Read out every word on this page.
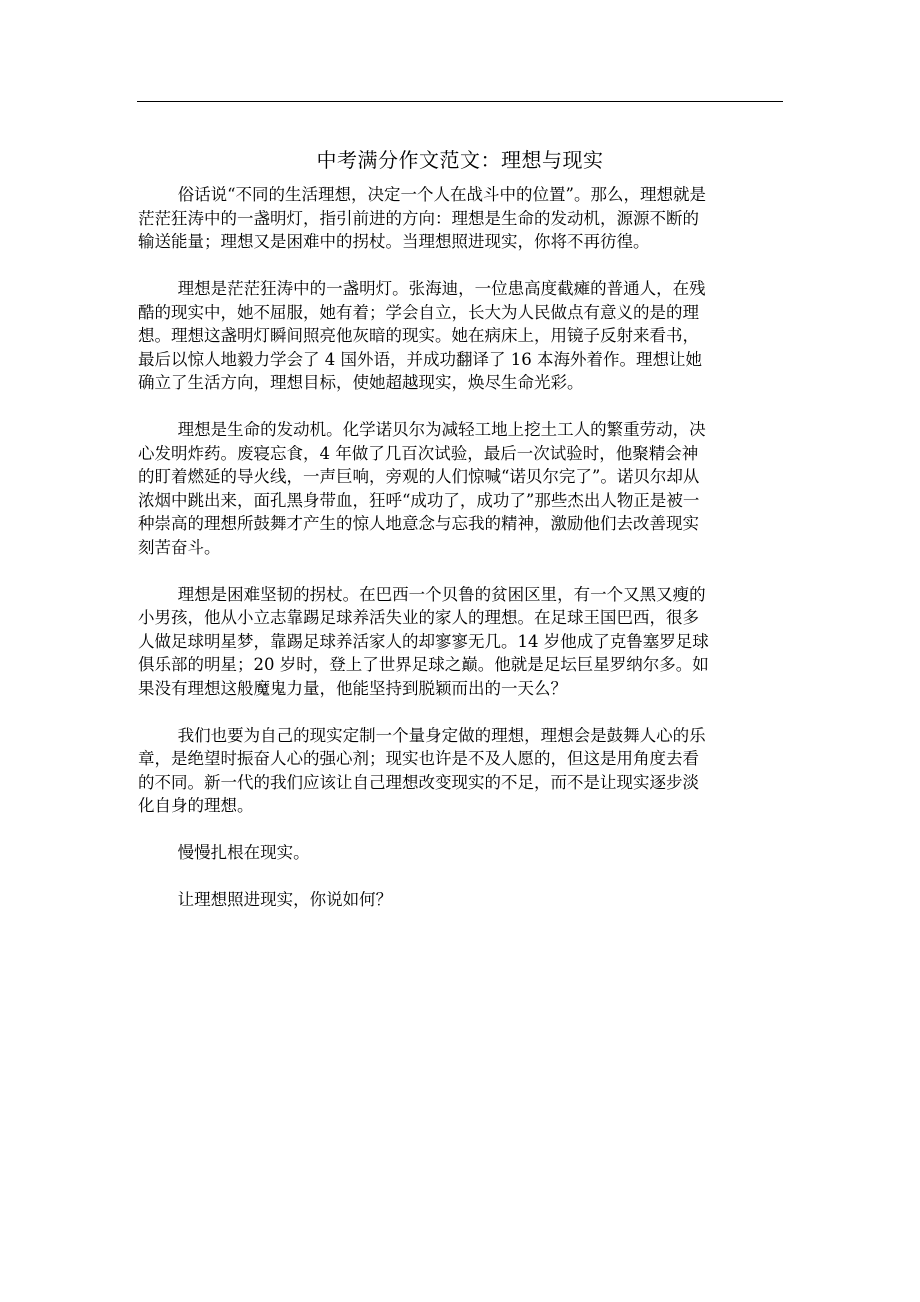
中考满分作文范文：理想与现实

俗话说“不同的生活理想，决定一个人在战斗中的位置”。那么，理想就是
茫茫狂涛中的一盏明灯，指引前进的方向：理想是生命的发动机，源源不断的
输送能量；理想又是困难中的拐杖。当理想照进现实，你将不再彷徨。

理想是茫茫狂涛中的一盏明灯。张海迪，一位患高度截瘫的普通人，在残
酷的现实中，她不屈服，她有着；学会自立，长大为人民做点有意义的是的理
想。理想这盏明灯瞬间照亮他灰暗的现实。她在病床上，用镜子反射来看书，
最后以惊人地毅力学会了 4 国外语，并成功翻译了 16 本海外着作。理想让她
确立了生活方向，理想目标，使她超越现实，焕尽生命光彩。

理想是生命的发动机。化学诺贝尔为减轻工地上挖土工人的繁重劳动，决
心发明炸药。废寝忘食，4 年做了几百次试验，最后一次试验时，他聚精会神
的盯着燃延的导火线，一声巨响，旁观的人们惊喊“诺贝尔完了”。诺贝尔却从
浓烟中跳出来，面孔黑身带血，狂呼“成功了，成功了”那些杰出人物正是被一
种崇高的理想所鼓舞才产生的惊人地意念与忘我的精神，激励他们去改善现实
刻苦奋斗。

理想是困难坚韧的拐杖。在巴西一个贝鲁的贫困区里，有一个又黑又瘦的
小男孩，他从小立志靠踢足球养活失业的家人的理想。在足球王国巴西，很多
人做足球明星梦，靠踢足球养活家人的却寥寥无几。14 岁他成了克鲁塞罗足球
俱乐部的明星；20 岁时，登上了世界足球之巅。他就是足坛巨星罗纳尔多。如
果没有理想这般魔鬼力量，他能坚持到脱颖而出的一天么？

我们也要为自己的现实定制一个量身定做的理想，理想会是鼓舞人心的乐
章，是绝望时振奋人心的强心剂；现实也许是不及人愿的，但这是用角度去看
的不同。新一代的我们应该让自己理想改变现实的不足，而不是让现实逐步淡
化自身的理想。

慢慢扎根在现实。

让理想照进现实，你说如何？
